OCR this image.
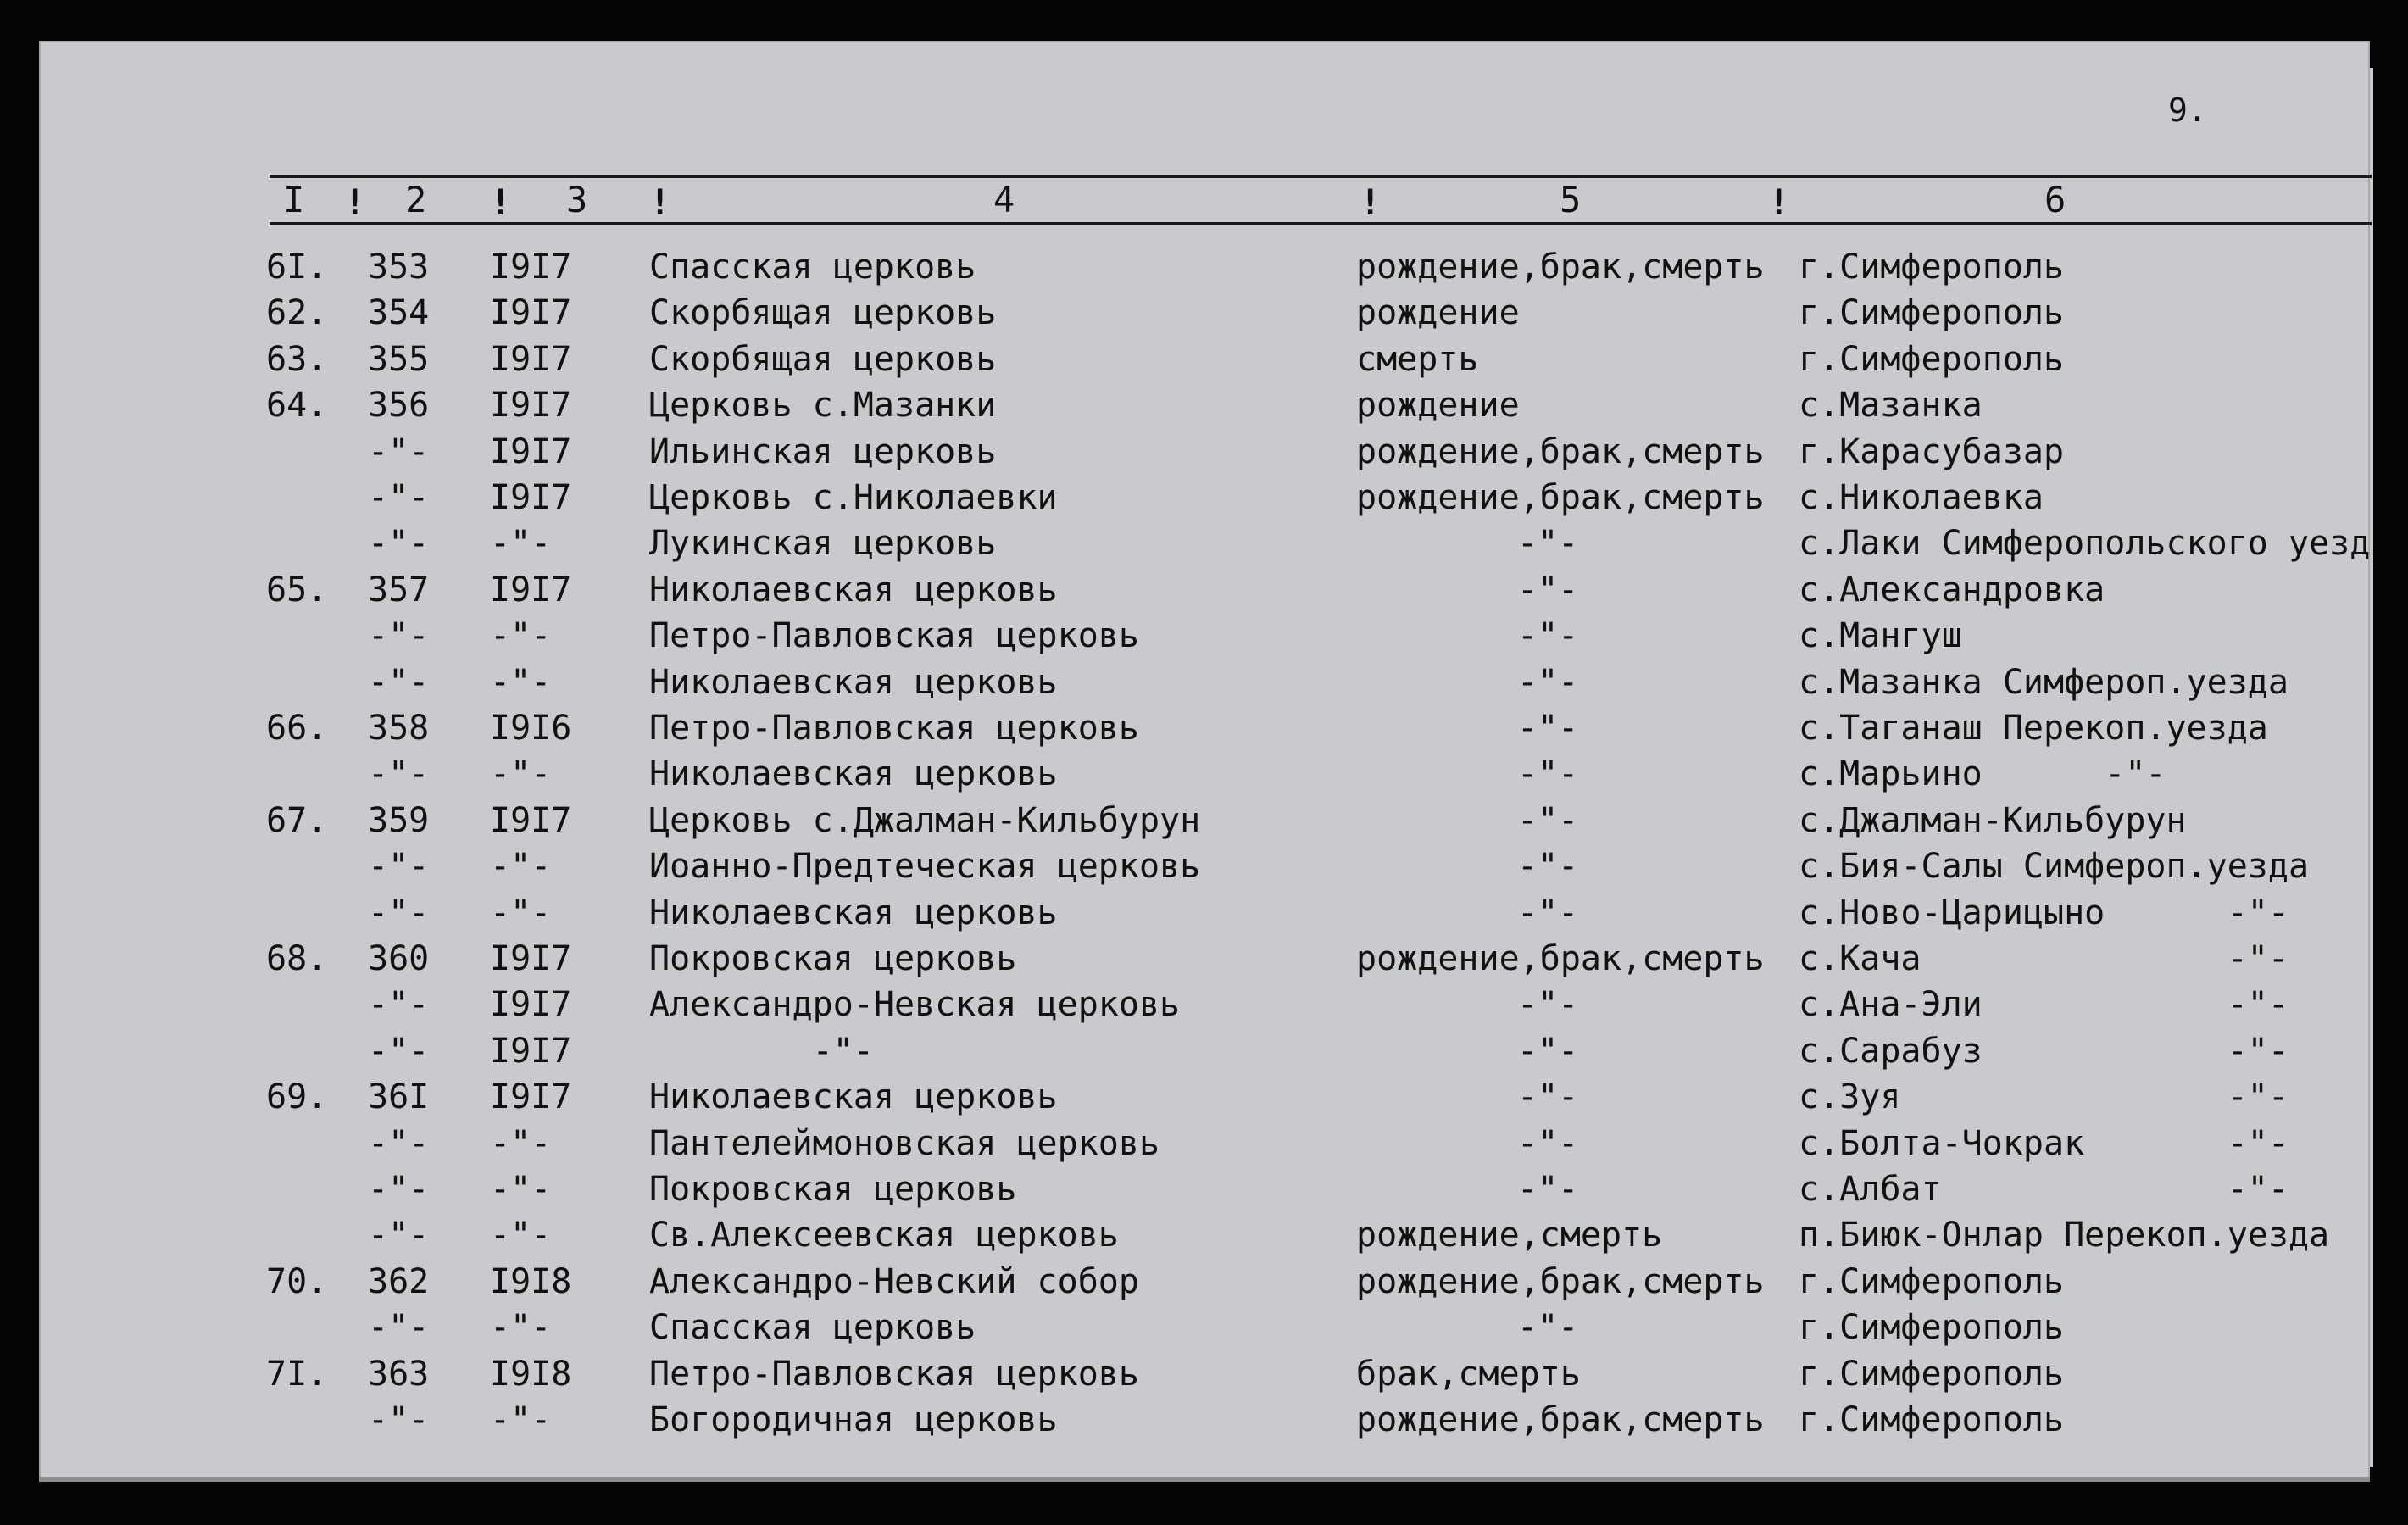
9.
I ! 2 ! 3 !	4	!	5	!	6
6I. 353 I9I7 Спасская церковь	рождение,брак,смерть г.Симферополь
62. 354 I9I7 Скорбящая церковь	рождение	г.Симферополь
63. 355 I9I7 Скорбящая церковь	смерть	г.Симферополь
64. 356 I9I7 Церковь с.Мазанки	рождение	с.Мазанка
-"- I9I7 Ильинская церковь	рождение,брак,смерть г.Карасубазар
-"- I9I7 Церковь с.Николаевки	рождение,брак,смерть с.Николаевка
-"- -"-	Лукинская церковь	-"-	с.Лаки Симферопольского уезд
65. 357 I9I7 Николаевская церковь	-"-	с.Александровка
-"- -"-	Петро-Павловская церковь	-"-	с.Мангуш
-"- -"-	Николаевская церковь	-"-	с.Мазанка Симфероп.уезда
66. 358 I9I6 Петро-Павловская церковь	-"-	с.Таганаш Перекоп.уезда
-"- -"-	Николаевская церковь	-"-	с.Марьино      -"-
67. 359 I9I7 Церковь с.Джалман-Кильбурун	-"-	с.Джалман-Кильбурун
-"- -"-	Иоанно-Предтеческая церковь	-"-	с.Бия-Салы Симфероп.уезда
-"- -"-	Николаевская церковь	-"-	с.Ново-Царицыно      -"-
68. 360 I9I7 Покровская церковь	рождение,брак,смерть с.Кача               -"-
-"- I9I7 Александро-Невская церковь	-"-	с.Ана-Эли            -"-
-"- I9I7 -"-	-"-	с.Сарабуз            -"-
69. 36I I9I7 Николаевская церковь	-"-	с.Зуя                -"-
-"- -"-	Пантелеймоновская церковь	-"-	с.Болта-Чокрак       -"-
-"- -"-	Покровская церковь	-"-	с.Албат              -"-
-"- -"-	Св.Алексеевская церковь	рождение,смерть	п.Биюк-Онлар Перекоп.уезда
70. 362 I9I8 Александро-Невский собор	рождение,брак,смерть г.Симферополь
-"- -"-	Спасская церковь	-"-	г.Симферополь
7I. 363 I9I8 Петро-Павловская церковь	брак,смерть	г.Симферополь
-"- -"-	Богородичная церковь	рождение,брак,смерть г.Симферополь
